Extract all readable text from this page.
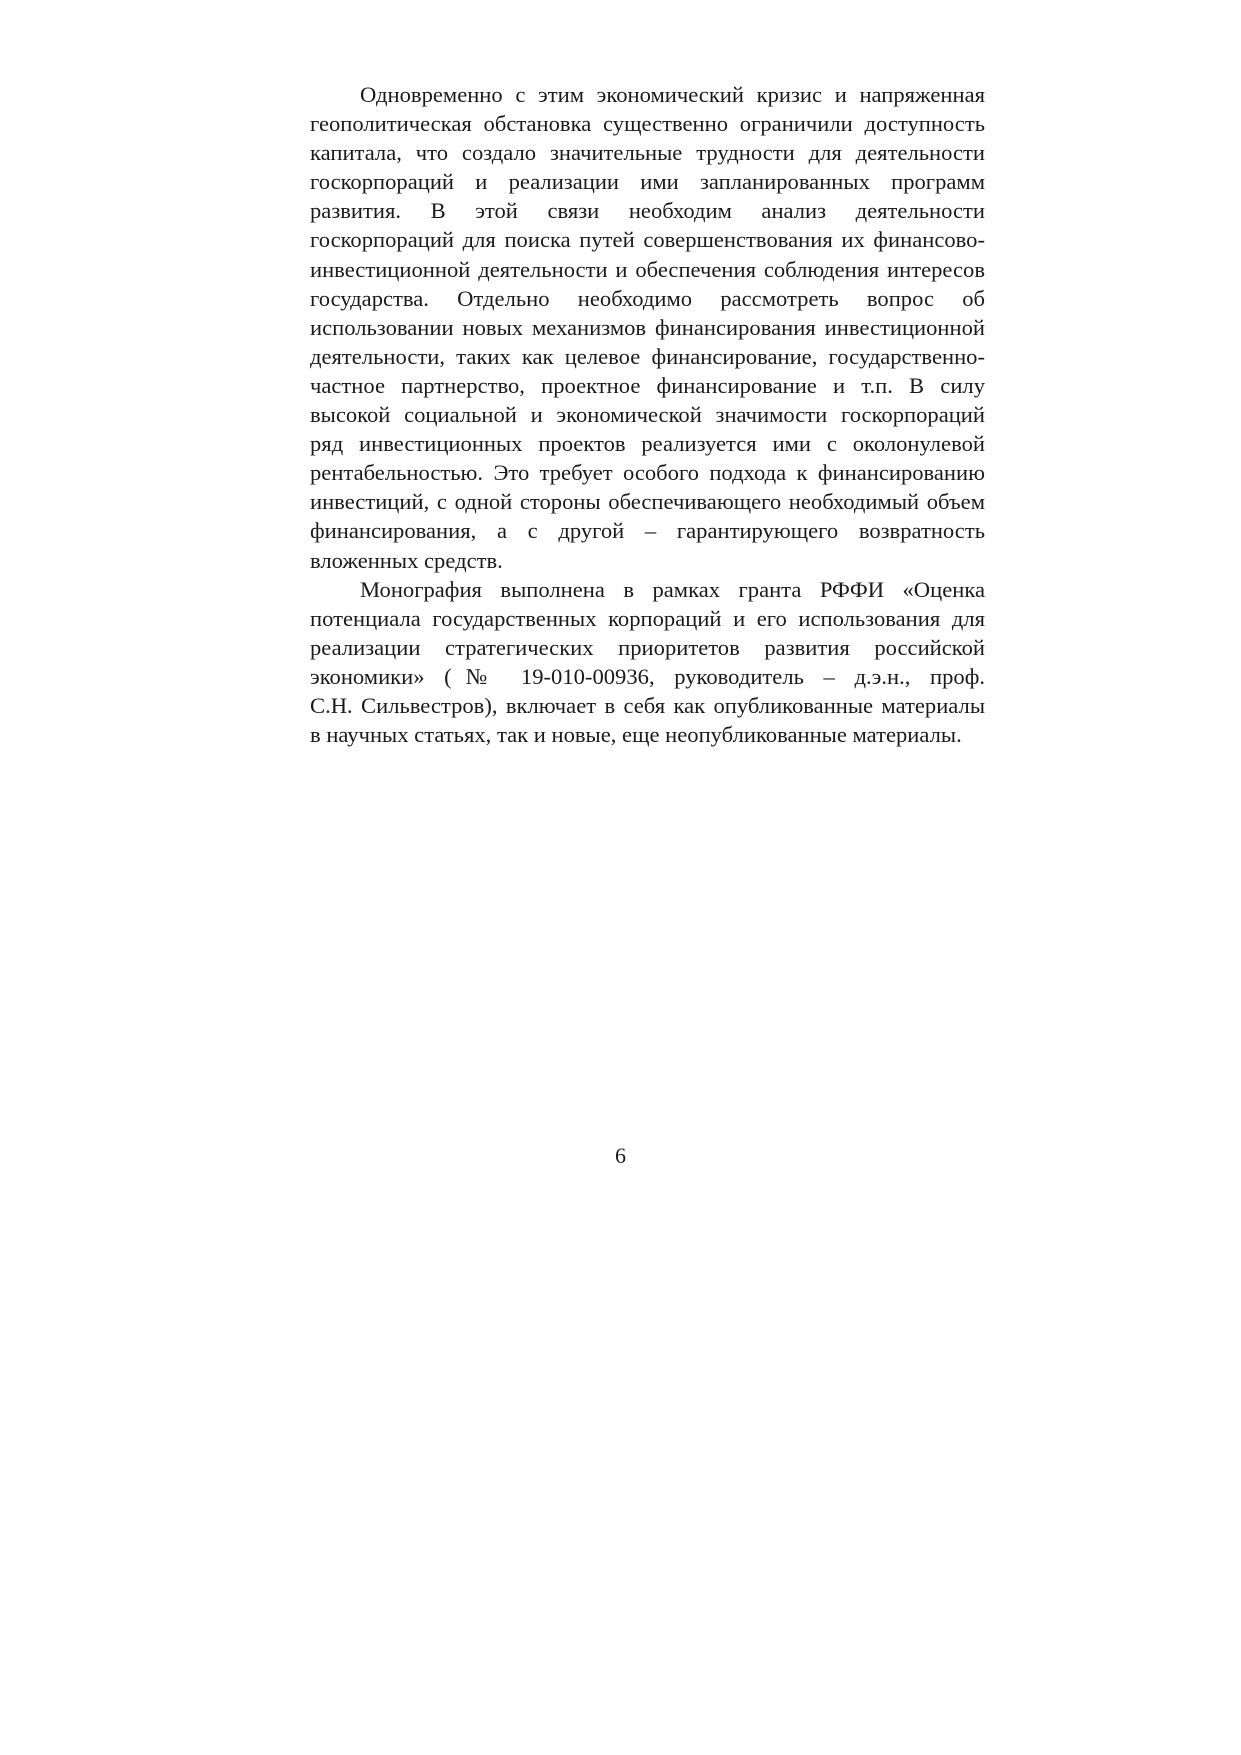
Одновременно с этим экономический кризис и напряженная
геополитическая обстановка существенно ограничили доступность
капитала, что создало значительные трудности для деятельности
госкорпораций и реализации ими запланированных программ
развития. В этой связи необходим анализ деятельности
госкорпораций для поиска путей совершенствования их финансово-
инвестиционной деятельности и обеспечения соблюдения интересов
государства. Отдельно необходимо рассмотреть вопрос об
использовании новых механизмов финансирования инвестиционной
деятельности, таких как целевое финансирование, государственно-
частное партнерство, проектное финансирование и т.п. В силу
высокой социальной и экономической значимости госкорпораций
ряд инвестиционных проектов реализуется ими с околонулевой
рентабельностью. Это требует особого подхода к финансированию
инвестиций, с одной стороны обеспечивающего необходимый объем
финансирования, а с другой – гарантирующего возвратность
вложенных средств.

Монография выполнена в рамках гранта РФФИ «Оценка
потенциала государственных корпораций и его использования для
реализации стратегических приоритетов развития российской
экономики» (№ 19-010-00936, руководитель – д.э.н., проф.
С.Н. Сильвестров), включает в себя как опубликованные материалы
в научных статьях, так и новые, еще неопубликованные материалы.

6
